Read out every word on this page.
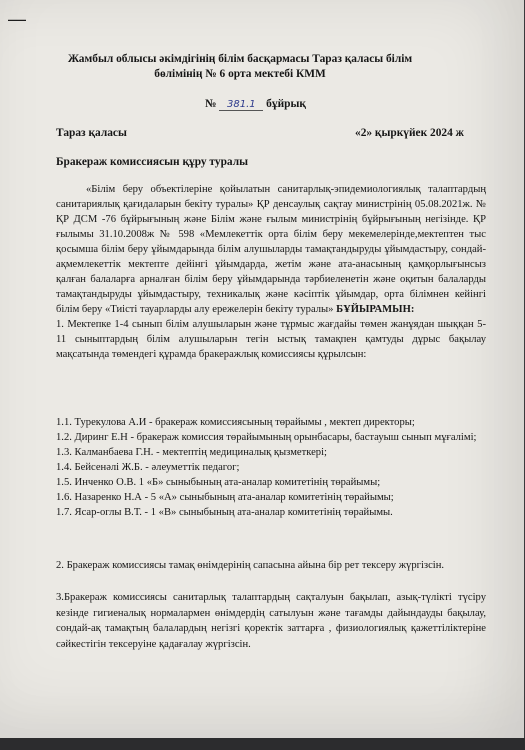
—
Жамбыл облысы әкімдігінің білім басқармасы Тараз қаласы білім
бөлімінің № 6 орта мектебі КММ
№ 381.1 бұйрық
Тараз қаласы	«2» қыркүйек 2024 ж
Бракераж комиссиясын құру туралы

«Білім беру объектілеріне қойылатын санитарлық-эпидемиологиялық талаптардың санитариялық қағидаларын бекіту туралы» ҚР денсаулық сақтау министрінің 05.08.2021ж. № ҚР ДСМ -76 бұйрығының және Білім және ғылым министрінің бұйрығының негізінде. ҚР ғылымы 31.10.2008ж № 598 «Мемлекеттік орта білім беру мекемелерінде,мектептен тыс қосымша білім беру ұйымдарында білім алушыларды тамақтандыруды ұйымдастыру, сондай-ақмемлекеттік мектепте дейінгі ұйымдарда, жетім және ата-анасының қамқорлығынсыз қалған балаларға арналған білім беру ұйымдарында тәрбиеленетін және оқитын балаларды тамақтандыруды ұйымдастыру, техникалық және кәсіптік ұйымдар, орта білімнен кейінгі білім беру «Тиісті тауарларды алу ережелерін бекіту туралы» БҰЙЫРАМЫН:

1. Мектепке 1-4 сынып білім алушыларын және тұрмыс жағдайы төмен жанұядан шыққан 5-11 сыныптардың білім алушыларын тегін ыстық тамақпен қамтуды дұрыс бақылау мақсатында төмендегі құрамда бракеражлық комиссиясы құрылсын:

1.1. Турекулова А.И - бракераж комиссиясының төрайымы , мектеп директоры;

1.2. Диринг Е.Н - бракераж комиссия төрайымының орынбасары, бастауыш сынып мұғалімі;

1.3. Калманбаева Г.Н. - мектептің медициналық қызметкері;

1.4. Бейсенәлі Ж.Б. - әлеуметтік педагог;

1.5. Инченко О.В. 1 «Б» сыныбының ата-аналар комитетінің төрайымы;

1.6. Назаренко Н.А - 5 «А» сыныбының ата-аналар комитетінің төрайымы;

1.7. Ясар-оглы В.Т. - 1 «В» сыныбының ата-аналар комитетінің төрайымы.

2. Бракераж комиссиясы тамақ өнімдерінің сапасына айына бір рет тексеру жүргізсін.

3.Бракераж комиссиясы санитарлық талаптардың сақталуын бақылап, азық-түлікті түсіру кезінде гигиеналық нормалармен өнімдердің сатылуын және тағамды дайындауды бақылау, сондай-ақ тамақтың балалардың негізгі қоректік заттарға , физиологиялық қажеттіліктеріне сәйкестігін тексеруіне қадағалау жүргізсін.
